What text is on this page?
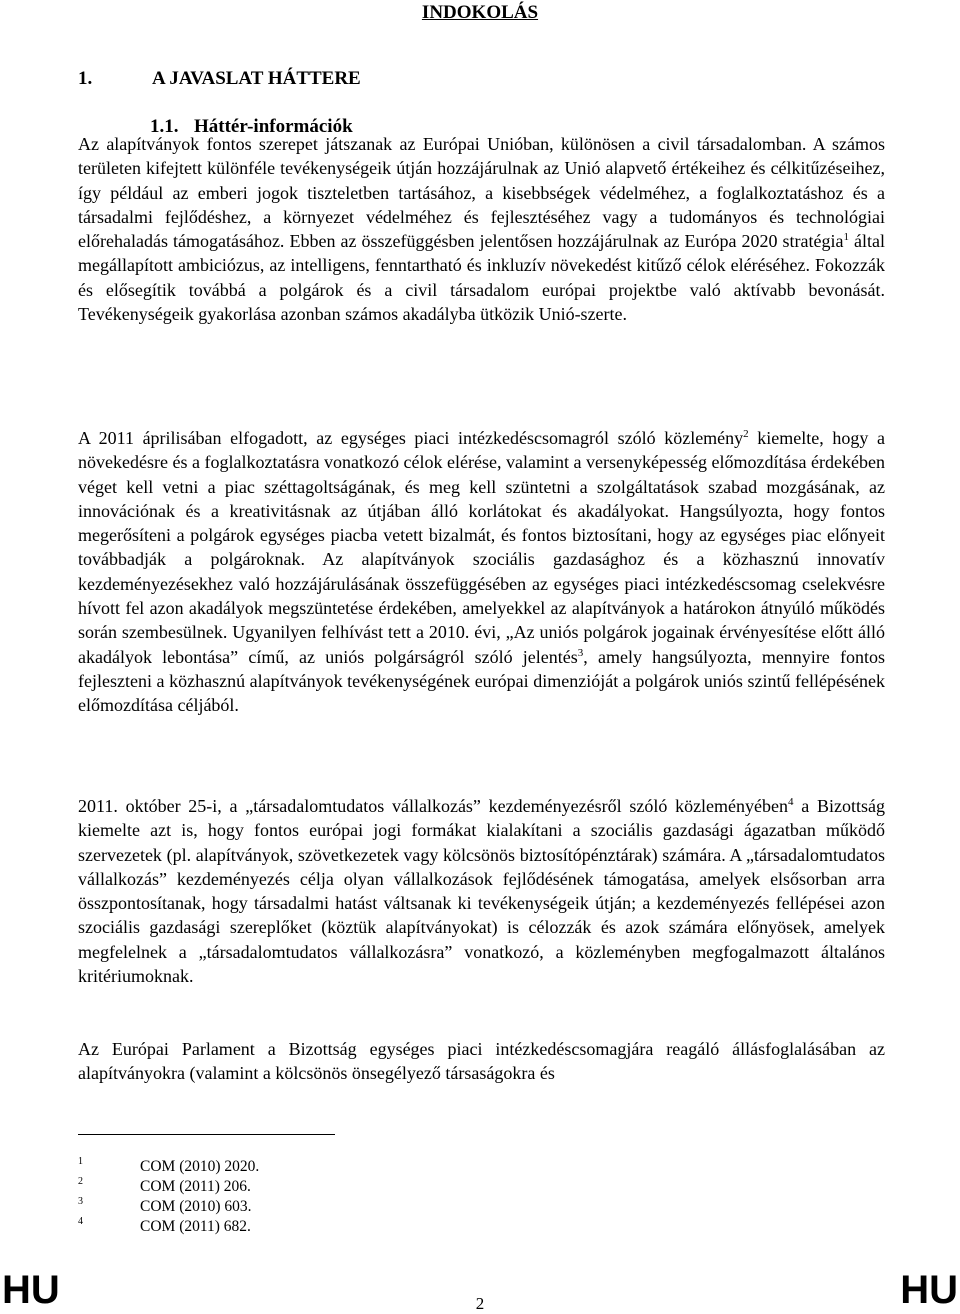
INDOKOLÁS
1.	A JAVASLAT HÁTTERE
1.1. Háttér-információk

Az alapítványok fontos szerepet játszanak az Európai Unióban, különösen a civil társadalomban. A számos területen kifejtett különféle tevékenységeik útján hozzájárulnak az Unió alapvető értékeihez és célkitűzéseihez, így például az emberi jogok tiszteletben tartásához, a kisebbségek védelméhez, a foglalkoztatáshoz és a társadalmi fejlődéshez, a környezet védelméhez és fejlesztéséhez vagy a tudományos és technológiai előrehaladás támogatásához. Ebben az összefüggésben jelentősen hozzájárulnak az Európa 2020 stratégia$^1$ által megállapított ambiciózus, az intelligens, fenntartható és inkluzív növekedést kitűző célok eléréséhez. Fokozzák és elősegítik továbbá a polgárok és a civil társadalom európai projektbe való aktívabb bevonását. Tevékenységeik gyakorlása azonban számos akadályba ütközik Unió-szerte.

A 2011 áprilisában elfogadott, az egységes piaci intézkedéscsomagról szóló közlemény$^2$ kiemelte, hogy a növekedésre és a foglalkoztatásra vonatkozó célok elérése, valamint a versenyképesség előmozdítása érdekében véget kell vetni a piac széttagoltságának, és meg kell szüntetni a szolgáltatások szabad mozgásának, az innovációnak és a kreativitásnak az útjában álló korlátokat és akadályokat. Hangsúlyozta, hogy fontos megerősíteni a polgárok egységes piacba vetett bizalmát, és fontos biztosítani, hogy az egységes piac előnyeit továbbadják a polgároknak. Az alapítványok szociális gazdasághoz és a közhasznú innovatív kezdeményezésekhez való hozzájárulásának összefüggésében az egységes piaci intézkedéscsomag cselekvésre hívott fel azon akadályok megszüntetése érdekében, amelyekkel az alapítványok a határokon átnyúló működés során szembesülnek. Ugyanilyen felhívást tett a 2010. évi, „Az uniós polgárok jogainak érvényesítése előtt álló akadályok lebontása” című, az uniós polgárságról szóló jelentés$^3$, amely hangsúlyozta, mennyire fontos fejleszteni a közhasznú alapítványok tevékenységének európai dimenzióját a polgárok uniós szintű fellépésének előmozdítása céljából.

2011. október 25-i, a „társadalomtudatos vállalkozás” kezdeményezésről szóló közleményében$^4$ a Bizottság kiemelte azt is, hogy fontos európai jogi formákat kialakítani a szociális gazdasági ágazatban működő szervezetek (pl. alapítványok, szövetkezetek vagy kölcsönös biztosítópénztárak) számára. A „társadalomtudatos vállalkozás” kezdeményezés célja olyan vállalkozások fejlődésének támogatása, amelyek elsősorban arra összpontosítanak, hogy társadalmi hatást váltsanak ki tevékenységeik útján; a kezdeményezés fellépései azon szociális gazdasági szereplőket (köztük alapítványokat) is célozzák és azok számára előnyösek, amelyek megfelelnek a „társadalomtudatos vállalkozásra” vonatkozó, a közleményben megfogalmazott általános kritériumoknak.

Az Európai Parlament a Bizottság egységes piaci intézkedéscsomagjára reagáló állásfoglalásában az alapítványokra (valamint a kölcsönös önsegélyező társaságokra és

1	COM (2010) 2020.
2	COM (2011) 206.
3	COM (2010) 603.
4	COM (2011) 682.
HU	2	HU
